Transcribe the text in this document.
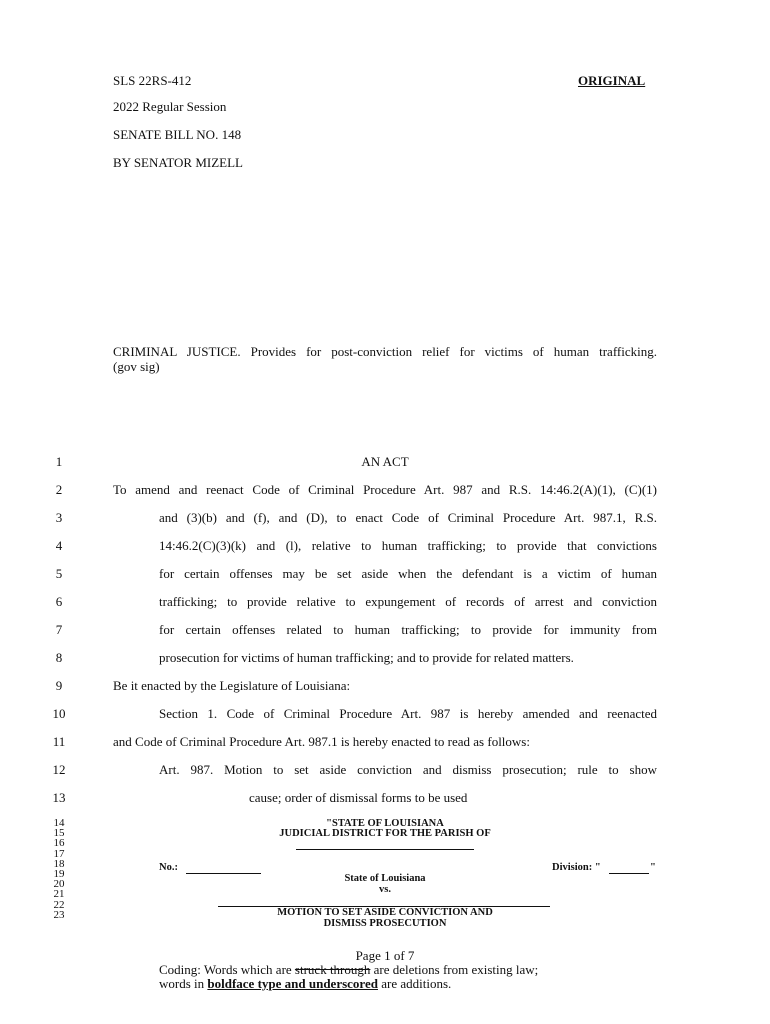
SLS 22RS-412	ORIGINAL
2022 Regular Session
SENATE BILL NO. 148
BY SENATOR MIZELL
CRIMINAL JUSTICE. Provides for post-conviction relief for victims of human trafficking.
(gov sig)
1	AN ACT
2	To amend and reenact Code of Criminal Procedure Art. 987 and R.S. 14:46.2(A)(1), (C)(1)
3	and (3)(b) and (f), and (D), to enact Code of Criminal Procedure Art. 987.1, R.S.
4	14:46.2(C)(3)(k) and (l), relative to human trafficking; to provide that convictions
5	for certain offenses may be set aside when the defendant is a victim of human
6	trafficking; to provide relative to expungement of records of arrest and conviction
7	for certain offenses related to human trafficking; to provide for immunity from
8	prosecution for victims of human trafficking; and to provide for related matters.
9	Be it enacted by the Legislature of Louisiana:
10	Section 1. Code of Criminal Procedure Art. 987 is hereby amended and reenacted
11	and Code of Criminal Procedure Art. 987.1 is hereby enacted to read as follows:
12	Art. 987. Motion to set aside conviction and dismiss prosecution; rule to show
13	cause; order of dismissal forms to be used
14
15
16
17
18
19
20
21
22
23
"STATE OF LOUISIANA
JUDICIAL DISTRICT FOR THE PARISH OF
No.:	Division: "	"
State of Louisiana
vs.
MOTION TO SET ASIDE CONVICTION AND
DISMISS PROSECUTION
Page 1 of 7
Coding: Words which are struck through are deletions from existing law;
words in boldface type and underscored are additions.
